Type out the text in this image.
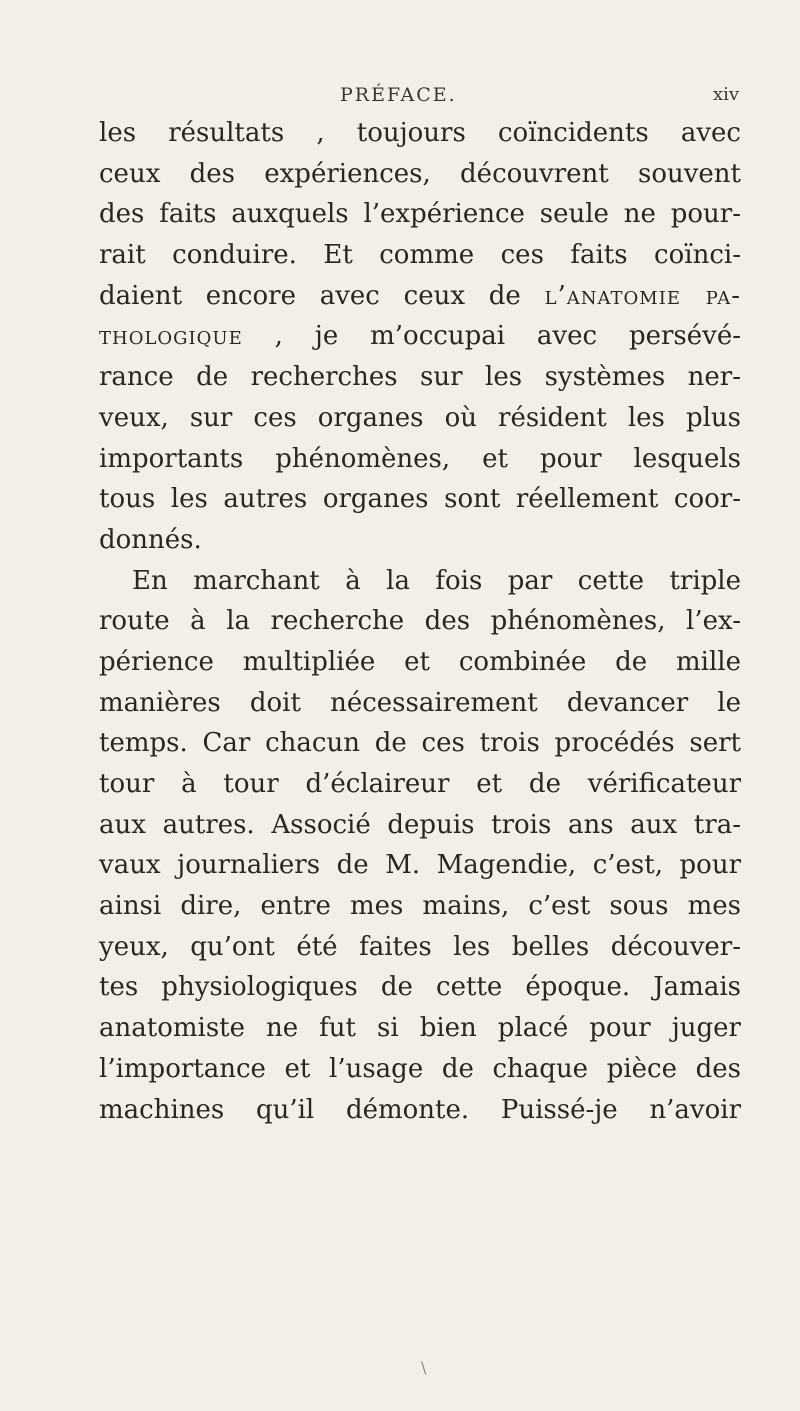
PRÉFACE.	xiv
les résultats , toujours coïncidents avec
ceux des expériences, découvrent souvent
des faits auxquels l’expérience seule ne pour-
rait conduire. Et comme ces faits coïnci-
daient encore avec ceux de l’anatomie pa-
thologique , je m’occupai avec persévé-
rance de recherches sur les systèmes ner-
veux, sur ces organes où résident les plus
importants phénomènes, et pour lesquels
tous les autres organes sont réellement coor-
donnés.
En marchant à la fois par cette triple
route à la recherche des phénomènes, l’ex-
périence multipliée et combinée de mille
manières doit nécessairement devancer le
temps. Car chacun de ces trois procédés sert
tour à tour d’éclaireur et de vérificateur
aux autres. Associé depuis trois ans aux tra-
vaux journaliers de M. Magendie, c’est, pour
ainsi dire, entre mes mains, c’est sous mes
yeux, qu’ont été faites les belles découver-
tes physiologiques de cette époque. Jamais
anatomiste ne fut si bien placé pour juger
l’importance et l’usage de chaque pièce des
machines qu’il démonte. Puissé-je n’avoir
\
